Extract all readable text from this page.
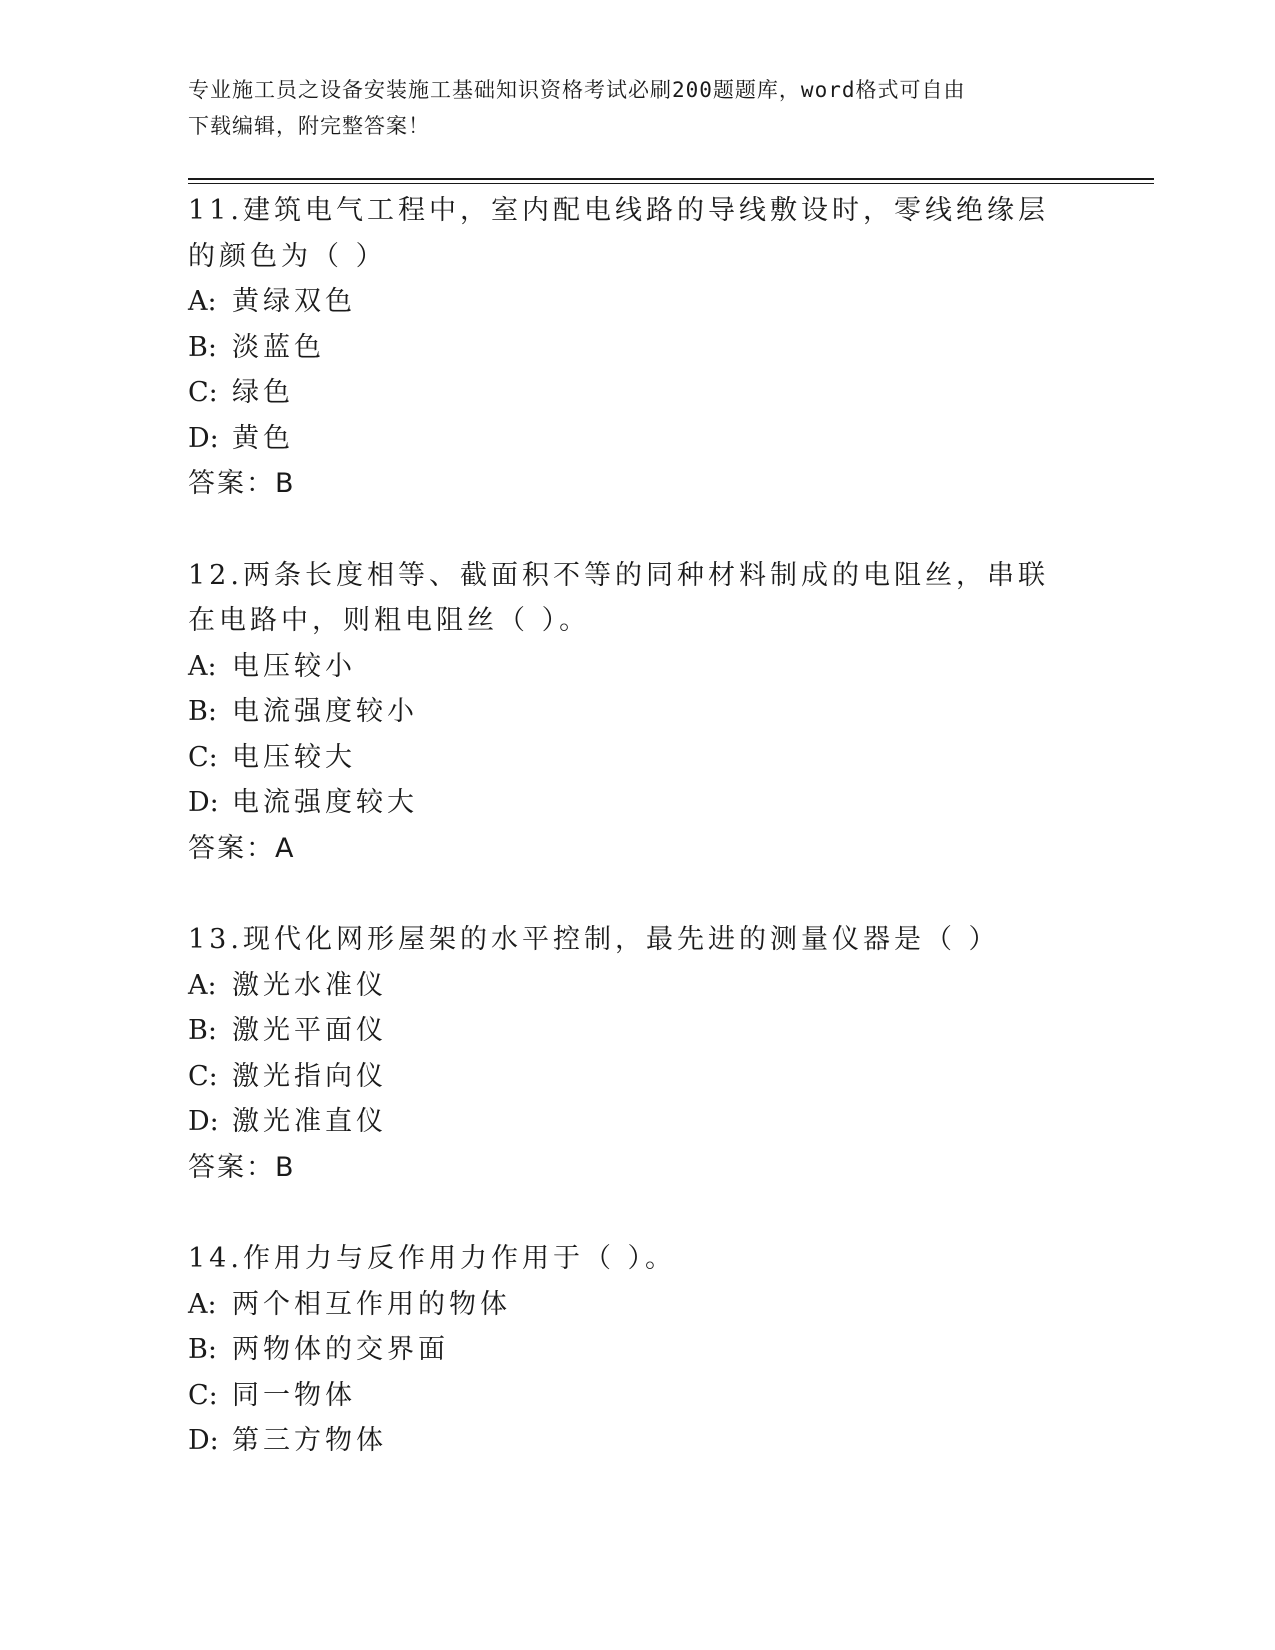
专业施工员之设备安装施工基础知识资格考试必刷200题题库，word格式可自由
下载编辑，附完整答案！

11.建筑电气工程中，室内配电线路的导线敷设时，零线绝缘层的颜色为（ ）

A: 黄绿双色

B: 淡蓝色

C: 绿色

D: 黄色

答案：B

12.两条长度相等、截面积不等的同种材料制成的电阻丝，串联在电路中，则粗电阻丝（ ）。

A: 电压较小

B: 电流强度较小

C: 电压较大

D: 电流强度较大

答案：A

13.现代化网形屋架的水平控制，最先进的测量仪器是（ ）

A: 激光水准仪

B: 激光平面仪

C: 激光指向仪

D: 激光准直仪

答案：B

14.作用力与反作用力作用于（ ）。

A: 两个相互作用的物体

B: 两物体的交界面

C: 同一物体

D: 第三方物体
